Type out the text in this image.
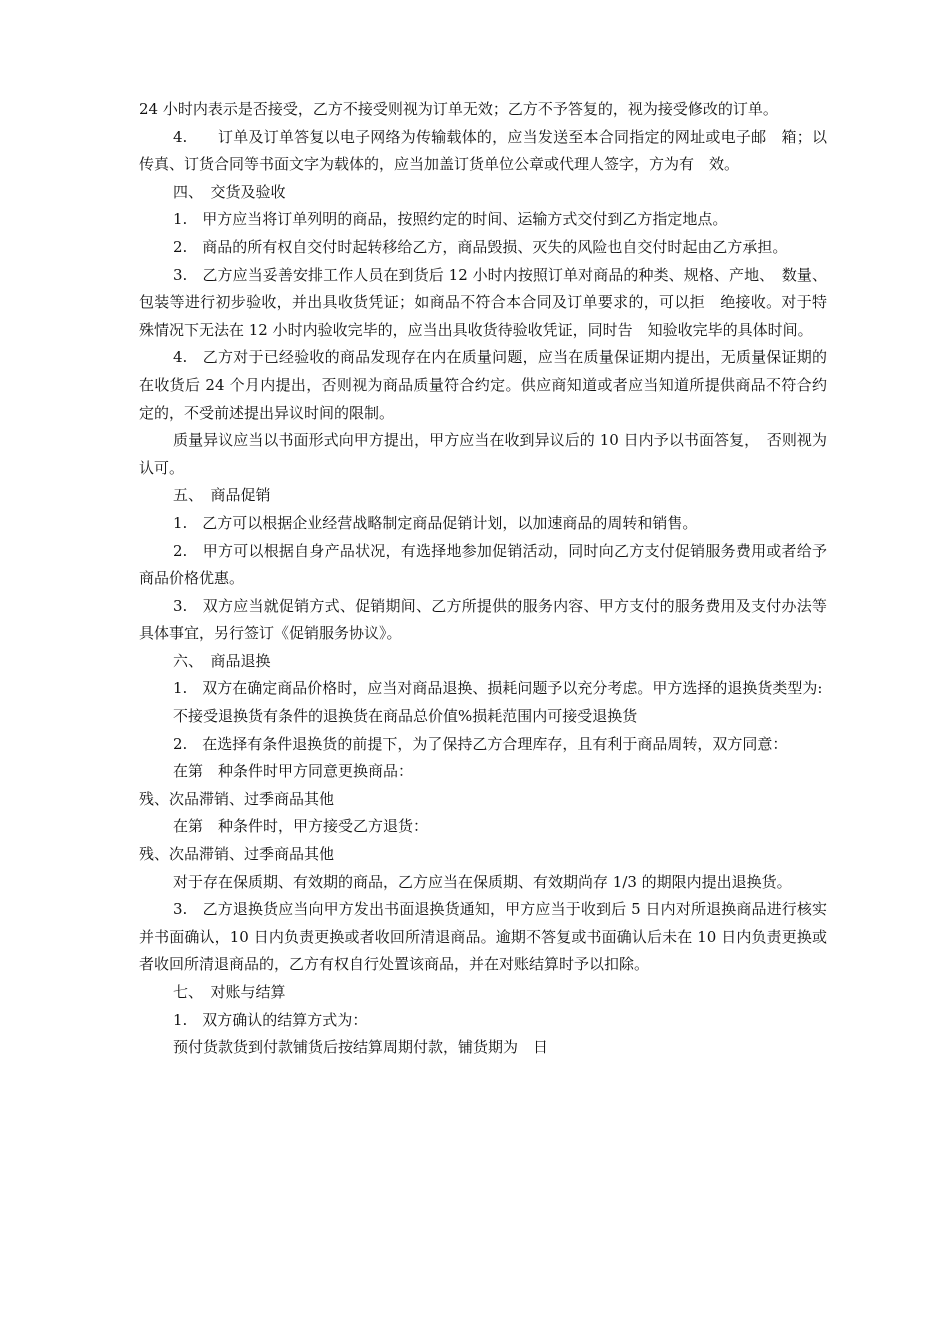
24 小时内表示是否接受，乙方不接受则视为订单无效；乙方不予答复的，视为接受修改的订单。

4.　　订单及订单答复以电子网络为传输载体的，应当发送至本合同指定的网址或电子邮　箱；以传真、订货合同等书面文字为载体的，应当加盖订货单位公章或代理人签字，方为有　效。

四、　交货及验收

1.　甲方应当将订单列明的商品，按照约定的时间、运输方式交付到乙方指定地点。

2.　商品的所有权自交付时起转移给乙方，商品毁损、灭失的风险也自交付时起由乙方承担。

3.　乙方应当妥善安排工作人员在到货后 12 小时内按照订单对商品的种类、规格、产地、　数量、包装等进行初步验收，并出具收货凭证；如商品不符合本合同及订单要求的，可以拒　绝接收。对于特殊情况下无法在 12 小时内验收完毕的，应当出具收货待验收凭证，同时告　知验收完毕的具体时间。

4.　乙方对于已经验收的商品发现存在内在质量问题，应当在质量保证期内提出，无质量保证期的在收货后 24 个月内提出，否则视为商品质量符合约定。供应商知道或者应当知道所提供商品不符合约定的，不受前述提出异议时间的限制。

质量异议应当以书面形式向甲方提出，甲方应当在收到异议后的 10 日内予以书面答复，　否则视为认可。

五、　商品促销

1.　乙方可以根据企业经营战略制定商品促销计划，以加速商品的周转和销售。

2.　甲方可以根据自身产品状况，有选择地参加促销活动，同时向乙方支付促销服务费用或者给予商品价格优惠。

3.　双方应当就促销方式、促销期间、乙方所提供的服务内容、甲方支付的服务费用及支付办法等具体事宜，另行签订《促销服务协议》。

六、　商品退换

1.　双方在确定商品价格时，应当对商品退换、损耗问题予以充分考虑。甲方选择的退换货类型为:

不接受退换货有条件的退换货在商品总价值%损耗范围内可接受退换货

2.　在选择有条件退换货的前提下，为了保持乙方合理库存，且有利于商品周转，双方同意：

在第　种条件时甲方同意更换商品：

残、次品滞销、过季商品其他

在第　种条件时，甲方接受乙方退货：

残、次品滞销、过季商品其他

对于存在保质期、有效期的商品，乙方应当在保质期、有效期尚存 1/3 的期限内提出退换货。

3.　乙方退换货应当向甲方发出书面退换货通知，甲方应当于收到后 5 日内对所退换商品进行核实并书面确认，10 日内负责更换或者收回所清退商品。逾期不答复或书面确认后未在 10 日内负责更换或者收回所清退商品的，乙方有权自行处置该商品，并在对账结算时予以扣除。

七、　对账与结算

1.　双方确认的结算方式为：

预付货款货到付款铺货后按结算周期付款，铺货期为　日
